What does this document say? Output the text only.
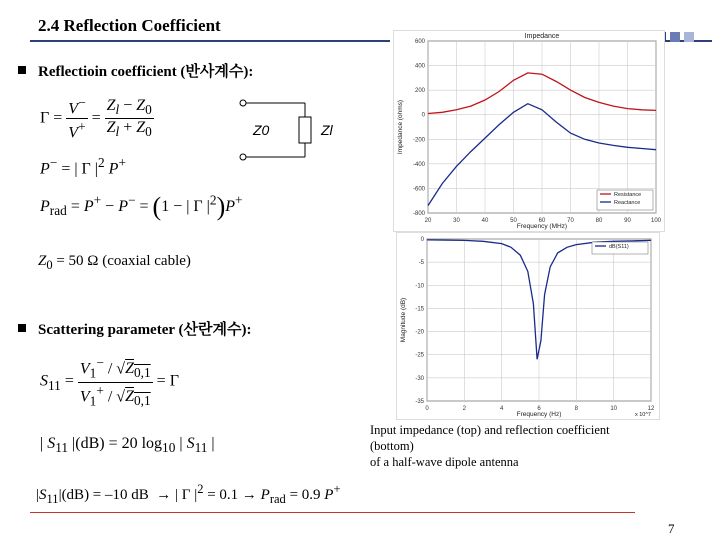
2.4 Reflection Coefficient
Reflectioin coefficient (반사계수):
$\Gamma = \frac{V^-}{V^+} = \frac{Z_l - Z_0}{Z_l + Z_0}$
P− = | Γ $|^2$ P+
$P_{rad} = P^+ - P^- = (1$ − | Γ $|^2)P^+$
Z0	Zl
$Z_0 = 50$ Ω (coaxial cable)
Scattering parameter (산란계수):
$S_{11} = \frac{V_1^- / √Z_{0,1}}{V_1^+ / √Z_{0,1}} = \Gamma$
| $S_{11}$ |(dB) = 20 $\log_{10}$ | $S_{11}$ |
$|S_{11}|(dB) = -10$ dB  → | Γ $|^2 = 0.1 \to P_{rad} = 0.9$ P+
20	30	40	50	60	70	80	90	100
600
400
200
0
-200
-400
-600
-800
Impedance
Frequency (MHz)
Impedance (ohms)
Resistance
Reactance
0	2	4	6	8	10	12
0
-5
-10
-15
-20
-25
-30
-35
Frequency (Hz)
Magnitude (dB)
x 10^7
dB(S11)
Input impedance (top) and reflection coefficient
(bottom)
of a half-wave dipole antenna
7
